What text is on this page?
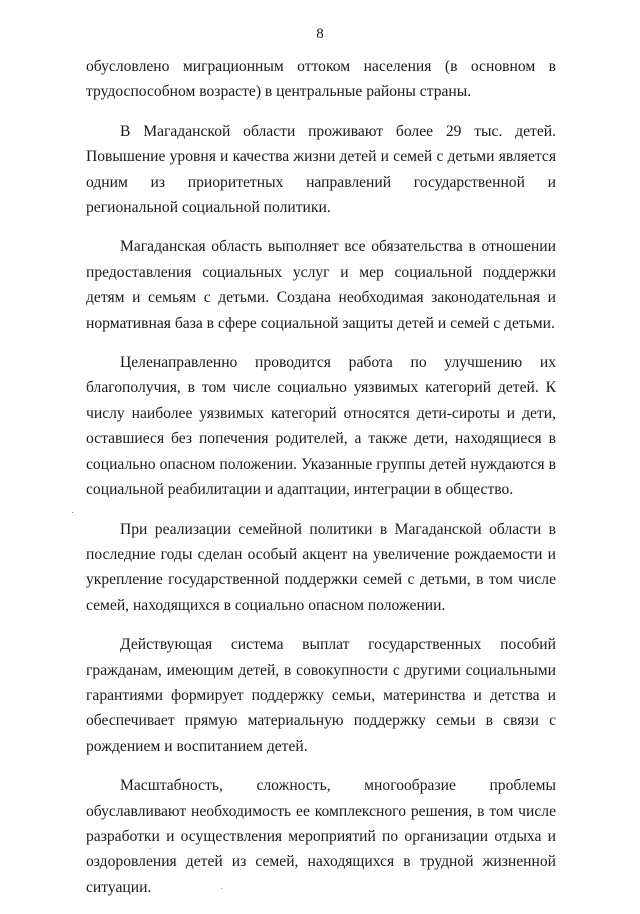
8

обусловлено миграционным оттоком населения (в основном в трудоспособном возрасте) в центральные районы страны.

В Магаданской области проживают более 29 тыс. детей. Повышение уровня и качества жизни детей и семей с детьми является одним из приоритетных направлений государственной и региональной социальной политики.

Магаданская область выполняет все обязательства в отношении предоставления социальных услуг и мер социальной поддержки детям и семьям с детьми. Создана необходимая законодательная и нормативная база в сфере социальной защиты детей и семей с детьми.

Целенаправленно проводится работа по улучшению их благополучия, в том числе социально уязвимых категорий детей. К числу наиболее уязвимых категорий относятся дети-сироты и дети, оставшиеся без попечения родителей, а также дети, находящиеся в социально опасном положении. Указанные группы детей нуждаются в социальной реабилитации и адаптации, интеграции в общество.

При реализации семейной политики в Магаданской области в последние годы сделан особый акцент на увеличение рождаемости и укрепление государственной поддержки семей с детьми, в том числе семей, находящихся в социально опасном положении.

Действующая система выплат государственных пособий гражданам, имеющим детей, в совокупности с другими социальными гарантиями формирует поддержку семьи, материнства и детства и обеспечивает прямую материальную поддержку семьи в связи с рождением и воспитанием детей.

Масштабность, сложность, многообразие проблемы обуславливают необходимость ее комплексного решения, в том числе разработки и осуществления мероприятий по организации отдыха и оздоровления детей из семей, находящихся в трудной жизненной ситуации.
